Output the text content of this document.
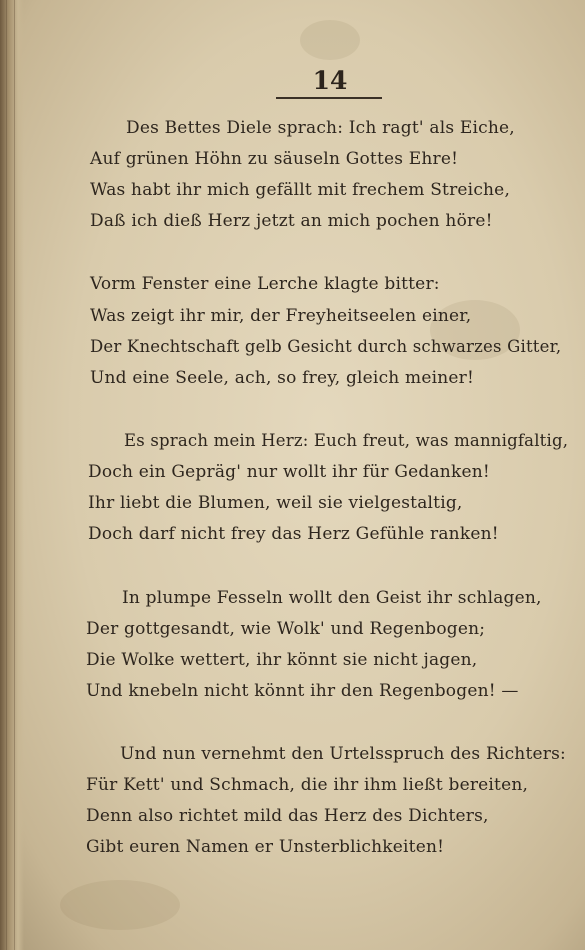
14
Des Bettes Diele sprach: Ich ragt' als Eiche,
Auf grünen Höhn zu säuseln Gottes Ehre!
Was habt ihr mich gefällt mit frechem Streiche,
Daß ich dieß Herz jetzt an mich pochen höre!
Vorm Fenster eine Lerche klagte bitter:
Was zeigt ihr mir, der Freyheitseelen einer,
Der Knechtschaft gelb Gesicht durch schwarzes Gitter,
Und eine Seele, ach, so frey, gleich meiner!
Es sprach mein Herz: Euch freut, was mannigfaltig,
Doch ein Gepräg' nur wollt ihr für Gedanken!
Ihr liebt die Blumen, weil sie vielgestaltig,
Doch darf nicht frey das Herz Gefühle ranken!
In plumpe Fesseln wollt den Geist ihr schlagen,
Der gottgesandt, wie Wolk' und Regenbogen;
Die Wolke wettert, ihr könnt sie nicht jagen,
Und knebeln nicht könnt ihr den Regenbogen! —
Und nun vernehmt den Urtelsspruch des Richters:
Für Kett' und Schmach, die ihr ihm ließt bereiten,
Denn also richtet mild das Herz des Dichters,
Gibt euren Namen er Unsterblichkeiten!
